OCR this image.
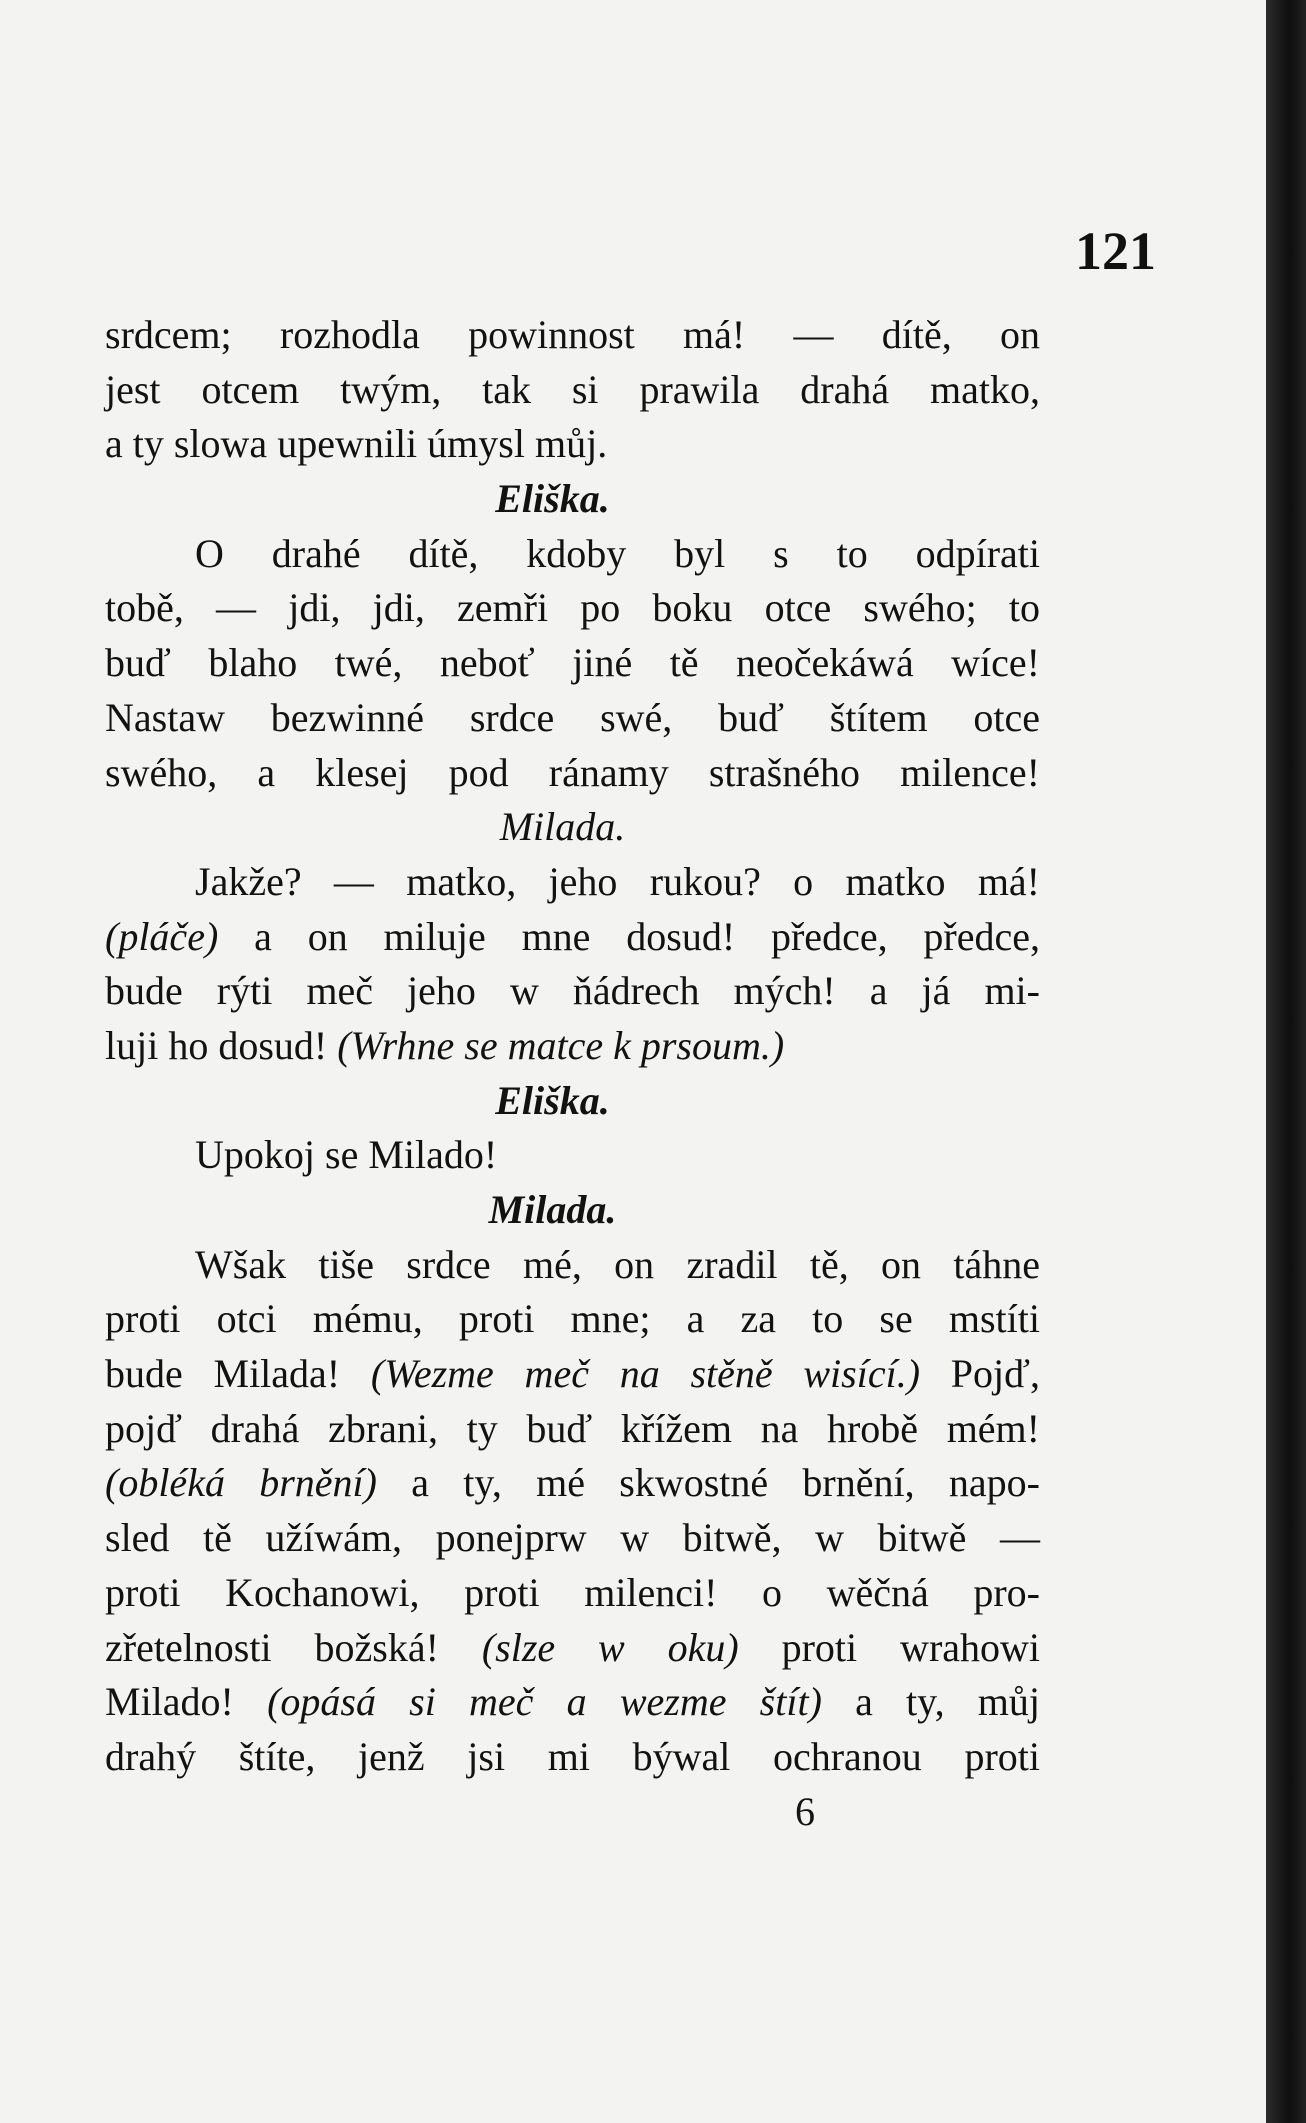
121
srdcem; rozhodla powinnost má! — dítě, on
jest otcem twým, tak si prawila drahá matko,
a ty slowa upewnili úmysl můj.
Eliška.
O drahé dítě, kdoby byl s to odpírati
tobě, — jdi, jdi, zemři po boku otce swého; to
buď blaho twé, neboť jiné tě neočekáwá wíce!
Nastaw bezwinné srdce swé, buď štítem otce
swého, a klesej pod ránamy strašného milence!
Milada.
Jakže? — matko, jeho rukou? o matko má!
(pláče) a on miluje mne dosud! předce, předce,
bude rýti meč jeho w ňádrech mých! a já mi-
luji ho dosud! (Wrhne se matce k prsoum.)
Eliška.
Upokoj se Milado!
Milada.
Wšak tiše srdce mé, on zradil tě, on táhne
proti otci mému, proti mne; a za to se mstíti
bude Milada! (Wezme meč na stěně wisící.) Pojď,
pojď drahá zbrani, ty buď křížem na hrobě mém!
(obléká brnění) a ty, mé skwostné brnění, napo-
sled tě užíwám, ponejprw w bitwě, w bitwě —
proti Kochanowi, proti milenci! o wěčná pro-
zřetelnosti božská! (slze w oku) proti wrahowi
Milado! (opásá si meč a wezme štít) a ty, můj
drahý štíte, jenž jsi mi býwal ochranou proti
6
